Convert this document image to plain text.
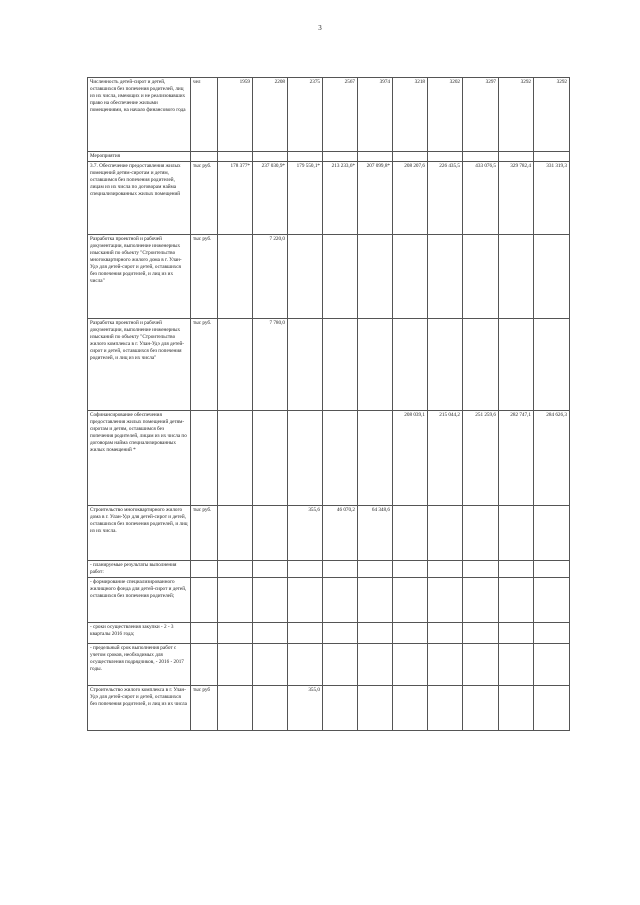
3
Численность детей-сирот и детей, оставшихся без попечения родителей, лиц из их числа, имеющих и не реализовавших право на обеспечение жилыми помещениями, на начало финансового года	чел	1959	2208	2375	2567	3974	3218	3202	3297	3292	3292
Мероприятия											
3.7. Обеспечение предоставления жилых помещений детям-сиротам и детям, оставшимся без попечения родителей, лицам из их числа по договорам найма специализированных жилых помещений	тыс руб.	178 377*	237 030,9*	179 550,1*	213 233,6*	207 099,8*	208 207,6	226 435,5	433 076,5	329 782,4	331 319,3
Разработка проектной и рабочей документации, выполнение инженерных изысканий по объекту "Строительство многоквартирного жилого дома в г. Улан-Удэ для детей-сирот и детей, оставшихся без попечения родителей, и лиц из их числа"	тыс руб.		7 220,0								
Разработка проектной и рабочей документации, выполнение инженерных изысканий по объекту "Строительство жилого комплекса в г. Улан-Удэ для детей-сирот и детей, оставшихся без попечения родителей, и лиц из их числа"	тыс руб.		7 780,0								
Софинансирование обеспечения предоставления жилых помещений детям-сиротам и детям, оставшимся без попечения родителей, лицам из их числа по договорам найма специализированных жилых помещений *							208 039,1	215 044,2	251 259,6	282 747,1	284 626,3
Строительство многоквартирного жилого дома в г. Улан-Удэ для детей-сирот и детей, оставшихся без попечения родителей, и лиц из их числа.	тыс руб.			355,6	46 070,2	64 348,6					
- планируемые результаты выполнения работ:											
- формирование специализированного жилищного фонда для детей-сирот и детей, оставшихся без попечения родителей;											
- сроки осуществления закупки - 2 - 3 кварталы 2016 года;											
- предельный срок выполнения работ с учетом сроков, необходимых для осуществления подрядчиков, - 2016 - 2017 годы.											
Строительство жилого комплекса в г. Улан-Удэ для детей-сирот и детей, оставшихся без попечения родителей, и лиц из их числа	тыс руб			355,0							
